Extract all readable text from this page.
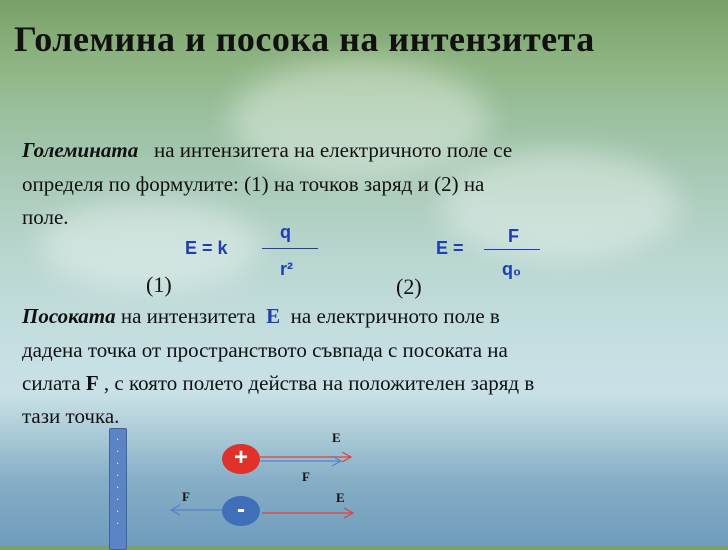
Големина и посока на интензитета
Големината на интензитета на електричното поле се
определя по формулите: (1) на точков заряд и (2) на
поле.
E = k
q
r²
(1)
E =
F
q₀
(2)
Посоката на интензитета E на електричното поле в
дадена точка от пространството съвпада с посоката на
силата F , с която полето действа на положителен заряд в
тази точка.
·
·
·
·
·
·
·
·
+
-
E
F
F	E
